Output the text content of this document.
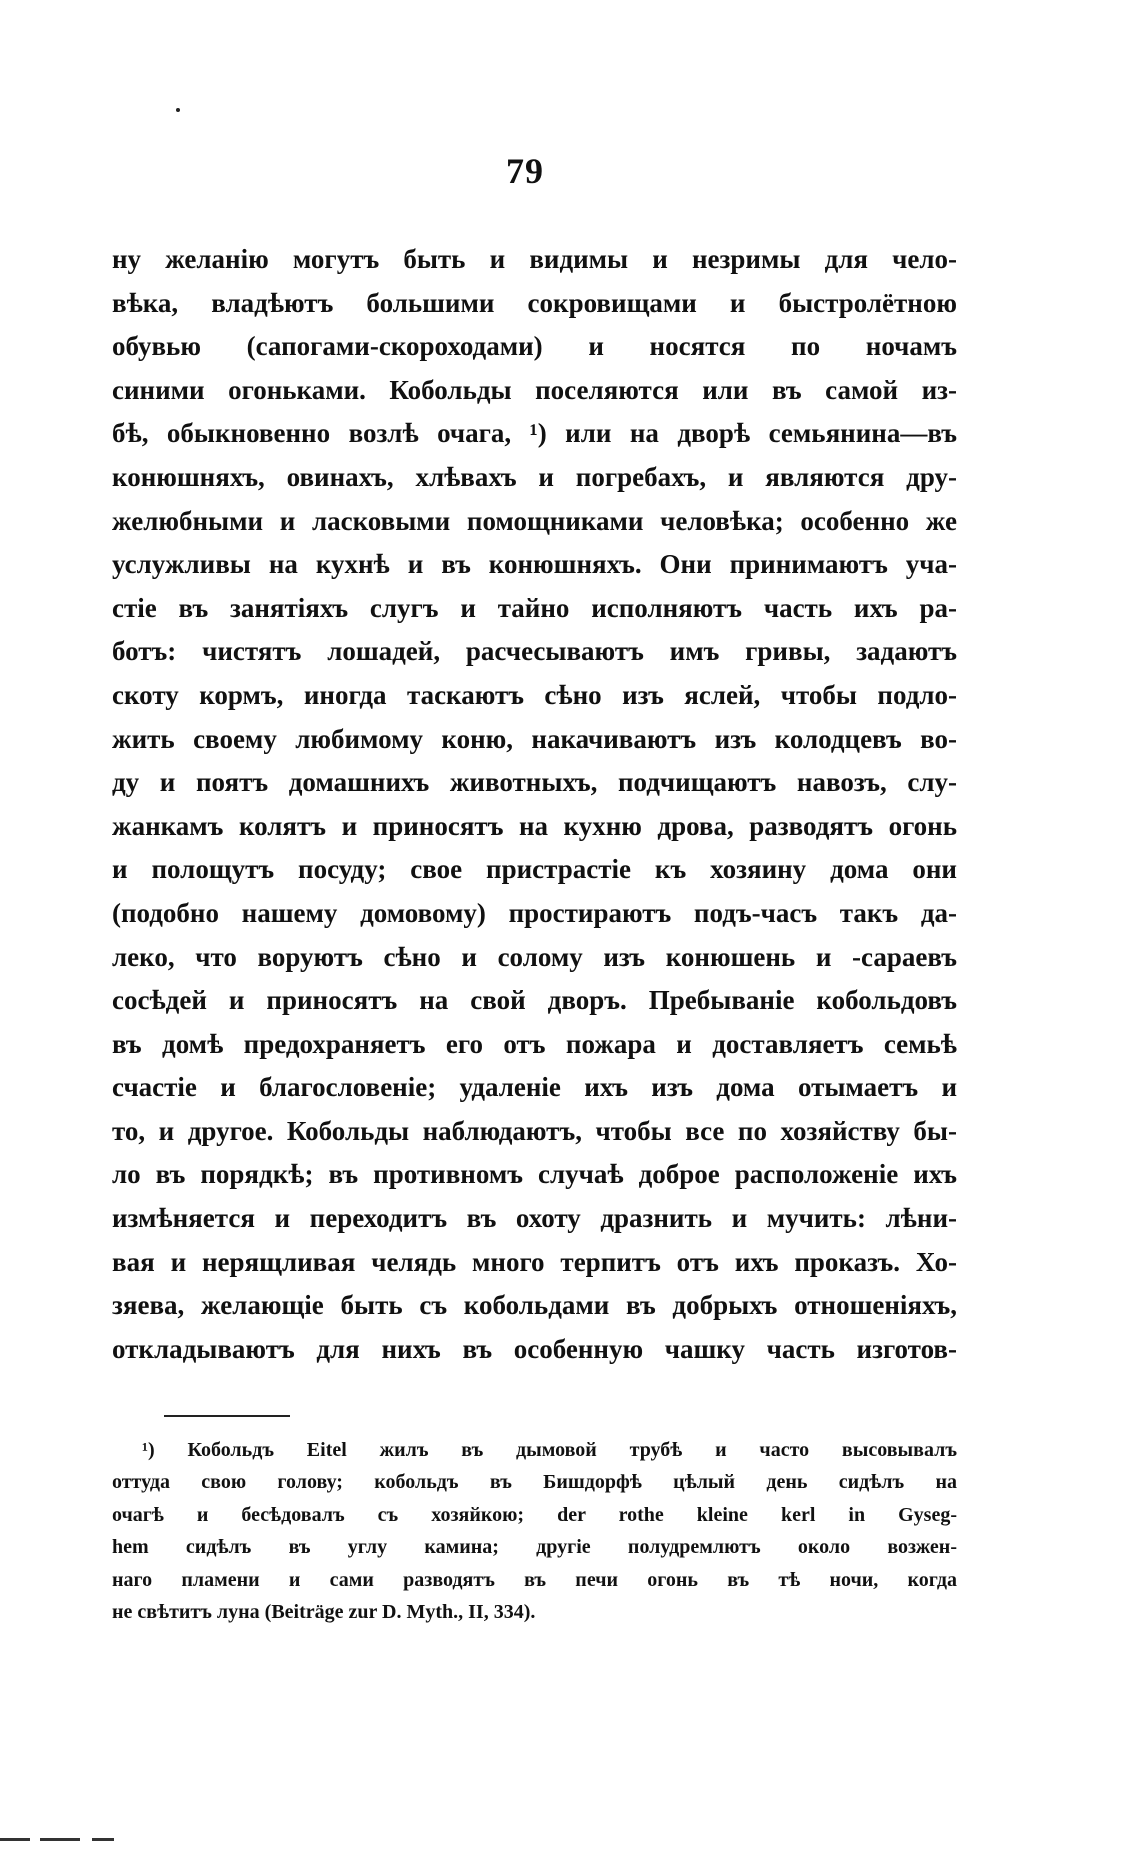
79
ну желанію могутъ быть и видимы и незримы для чело-
вѣка, владѣютъ большими сокровищами и быстролётною
обувью (сапогами-скороходами) и носятся по ночамъ
синими огоньками. Кобольды поселяются или въ самой из-
бѣ, обыкновенно возлѣ очага, ¹) или на дворѣ семьянина—въ
конюшняхъ, овинахъ, хлѣвахъ и погребахъ, и являются дру-
желюбными и ласковыми помощниками человѣка; особенно же
услужливы на кухнѣ и въ конюшняхъ. Они принимаютъ уча-
стіе въ занятіяхъ слугъ и тайно исполняютъ часть ихъ ра-
ботъ: чистятъ лошадей, расчесываютъ имъ гривы, задаютъ
скоту кормъ, иногда таскаютъ сѣно изъ яслей, чтобы подло-
жить своему любимому коню, накачиваютъ изъ колодцевъ во-
ду и поятъ домашнихъ животныхъ, подчищаютъ навозъ, слу-
жанкамъ колятъ и приносятъ на кухню дрова, разводятъ огонь
и полощутъ посуду; свое пристрастіе къ хозяину дома они
(подобно нашему домовому) простираютъ подъ-часъ такъ да-
леко, что воруютъ сѣно и солому изъ конюшень и -сараевъ
сосѣдей и приносятъ на свой дворъ. Пребываніе кобольдовъ
въ домѣ предохраняетъ его отъ пожара и доставляетъ семьѣ
счастіе и благословеніе; удаленіе ихъ изъ дома отымаетъ и
то, и другое. Кобольды наблюдаютъ, чтобы все по хозяйству бы-
ло въ порядкѣ; въ противномъ случаѣ доброе расположеніе ихъ
измѣняется и переходитъ въ охоту дразнить и мучить: лѣни-
вая и нерящливая челядь много терпитъ отъ ихъ проказъ. Хо-
зяева, желающіе быть съ кобольдами въ добрыхъ отношеніяхъ,
откладываютъ для нихъ въ особенную чашку часть изготов-
¹) Кобольдъ Eitel жилъ въ дымовой трубѣ и часто высовывалъ
оттуда свою голову; кобольдъ въ Бишдорфѣ цѣлый день сидѣлъ на
очагѣ и бесѣдовалъ съ хозяйкою; der rothe kleine kerl in Gyseg-
hem сидѣлъ въ углу камина; другіе полудремлютъ около возжен-
наго пламени и сами разводятъ въ печи огонь въ тѣ ночи, когда
не свѣтитъ луна (Beiträge zur D. Myth., II, 334).
